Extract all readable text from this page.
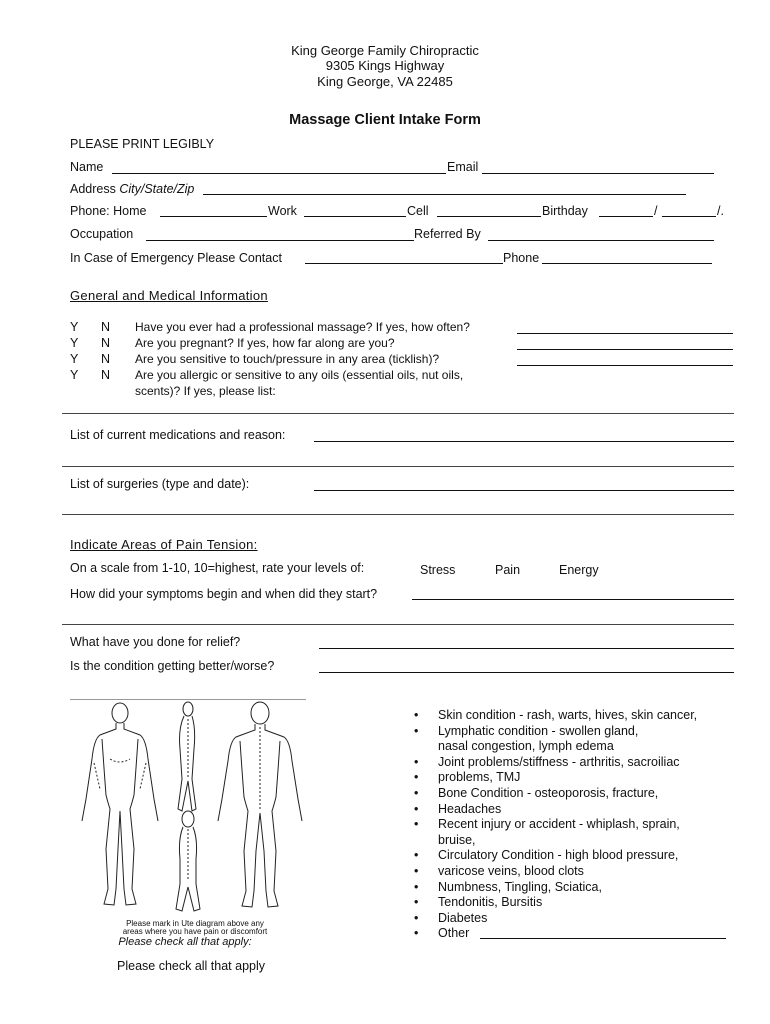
King George Family Chiropractic
9305 Kings Highway
King George, VA 22485
Massage Client Intake Form
PLEASE PRINT LEGIBLY
Name	Email
Address City/State/Zip
Phone: Home	Work	Cell	Birthday	/	/.
Occupation	Referred By
In Case of Emergency Please Contact	Phone
General and Medical Information
Y N Have you ever had a professional massage? If yes, how often?
Y N Are you pregnant? If yes, how far along are you?
Y N Are you sensitive to touch/pressure in any area (ticklish)?
Y N Are you allergic or sensitive to any oils (essential oils, nut oils,
scents)? If yes, please list:
List of current medications and reason:
List of surgeries (type and date):
Indicate Areas of Pain Tension:
On a scale from 1-10, 10=highest, rate your levels of:	Stress	Pain	Energy
How did your symptoms begin and when did they start?
What have you done for relief?
Is the condition getting better/worse?
Please mark in Ute diagram above any
areas where you have pain or discomfort
Please check all that apply:
Please check all that apply
• Skin condition - rash, warts, hives, skin cancer,
• Lymphatic condition - swollen gland,
nasal congestion, lymph edema
• Joint problems/stiffness - arthritis, sacroiliac
• problems, TMJ
• Bone Condition - osteoporosis, fracture,
• Headaches
• Recent injury or accident - whiplash, sprain,
bruise,
• Circulatory Condition - high blood pressure,
• varicose veins, blood clots
• Numbness, Tingling, Sciatica,
• Tendonitis, Bursitis
• Diabetes
• Other
